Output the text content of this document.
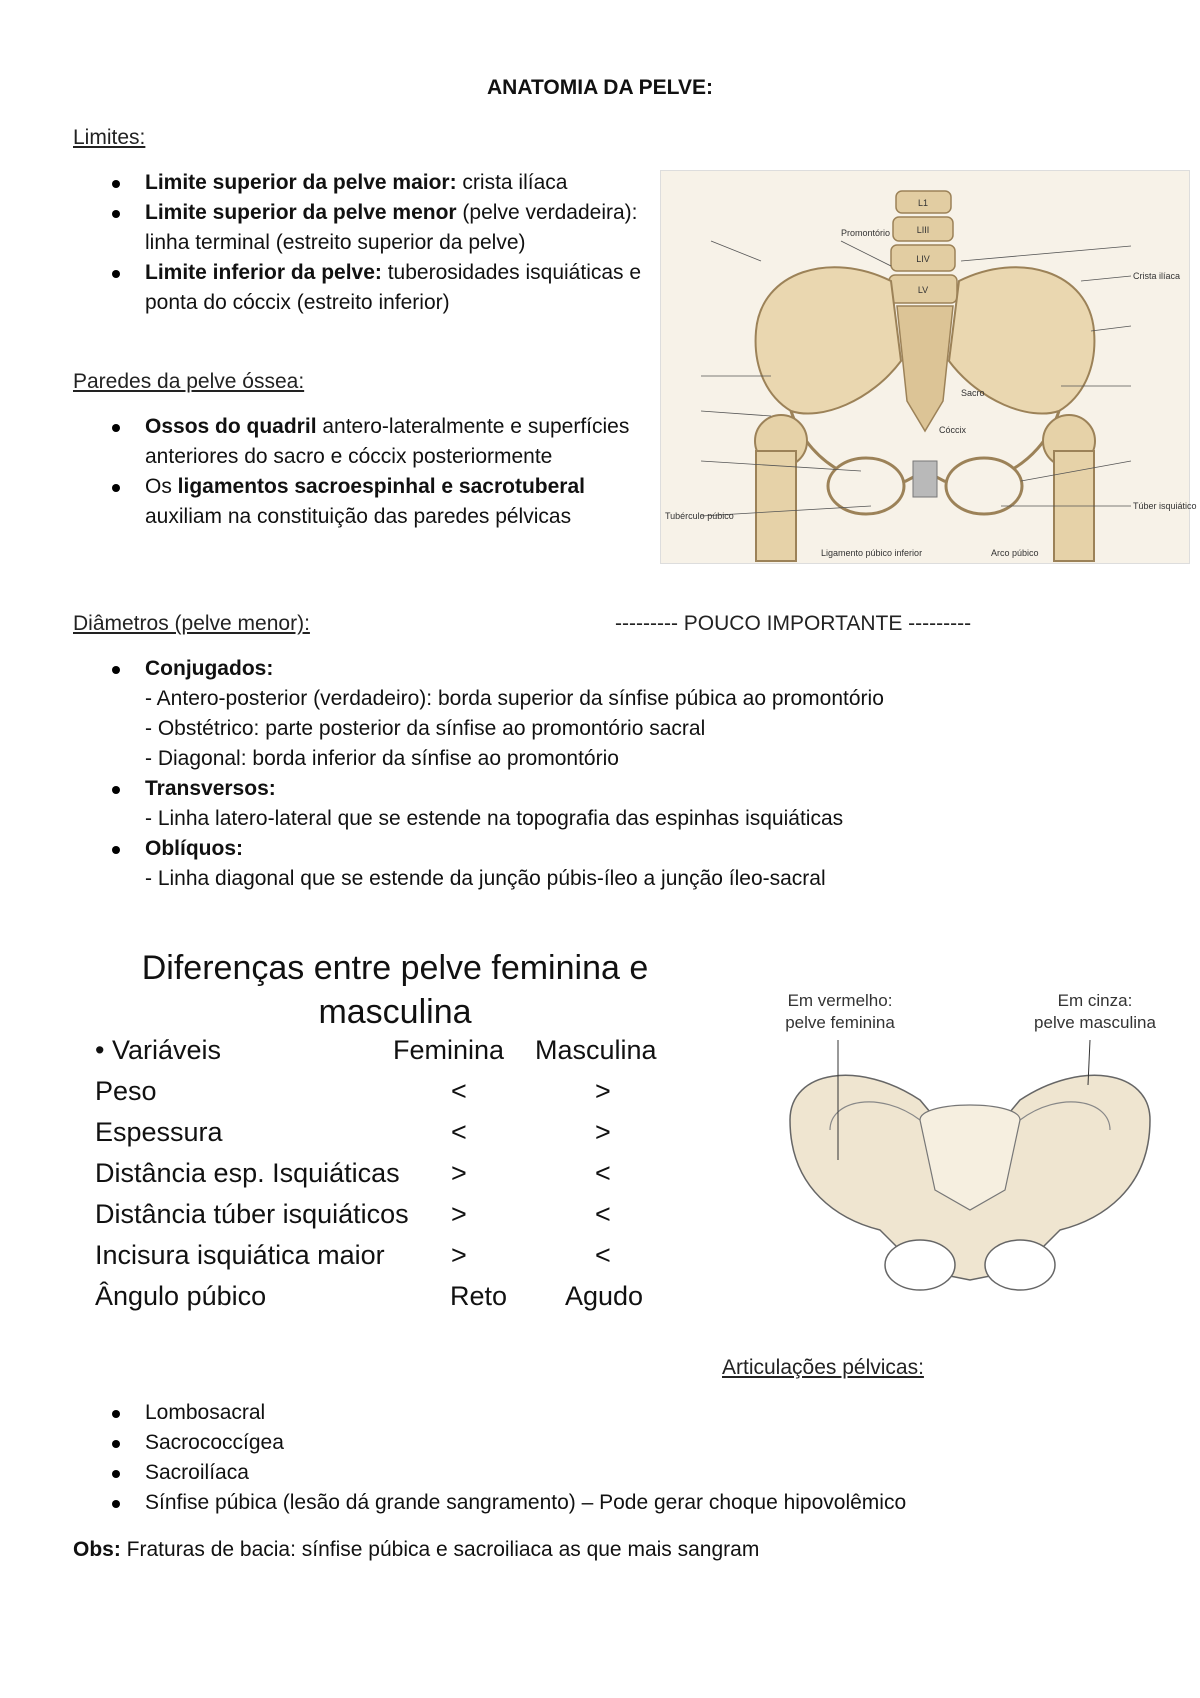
ANATOMIA DA PELVE:
Limites:
Limite superior da pelve maior: crista ilíaca
Limite superior da pelve menor (pelve verdadeira): linha terminal (estreito superior da pelve)
Limite inferior da pelve: tuberosidades isquiáticas e ponta do cóccix (estreito inferior)
Paredes da pelve óssea:
Ossos do quadril antero-lateralmente e superfícies anteriores do sacro e cóccix posteriormente
Os ligamentos sacroespinhal e sacrotuberal auxiliam na constituição das paredes pélvicas
Promontório
Crista ilíaca
Sacro
Cóccix
Arco púbico
Túber isquiático
Ligamento púbico inferior
Tubérculo púbico
L1
LIII
LIV
LV
Diâmetros (pelve menor):	--------- POUCO IMPORTANTE ---------
Conjugados:
- Antero-posterior (verdadeiro): borda superior da sínfise púbica ao promontório
- Obstétrico: parte posterior da sínfise ao promontório sacral
- Diagonal: borda inferior da sínfise ao promontório
Transversos:
- Linha latero-lateral que se estende na topografia das espinhas isquiáticas
Oblíquos:
- Linha diagonal que se estende da junção púbis-íleo a junção íleo-sacral
Diferenças entre pelve feminina e
masculina
• Variáveis	Feminina Masculina
Peso	<	>
Espessura	<	>
Distância esp. Isquiáticas >	<
Distância túber isquiáticos >	<
Incisura isquiática maior >	<
Ângulo púbico	Reto Agudo
Em vermelho:
pelve feminina
Em cinza:
pelve masculina
Articulações pélvicas:
Lombosacral
Sacrococcígea
Sacroilíaca
Sínfise púbica (lesão dá grande sangramento) – Pode gerar choque hipovolêmico
Obs: Fraturas de bacia: sínfise púbica e sacroiliaca as que mais sangram
